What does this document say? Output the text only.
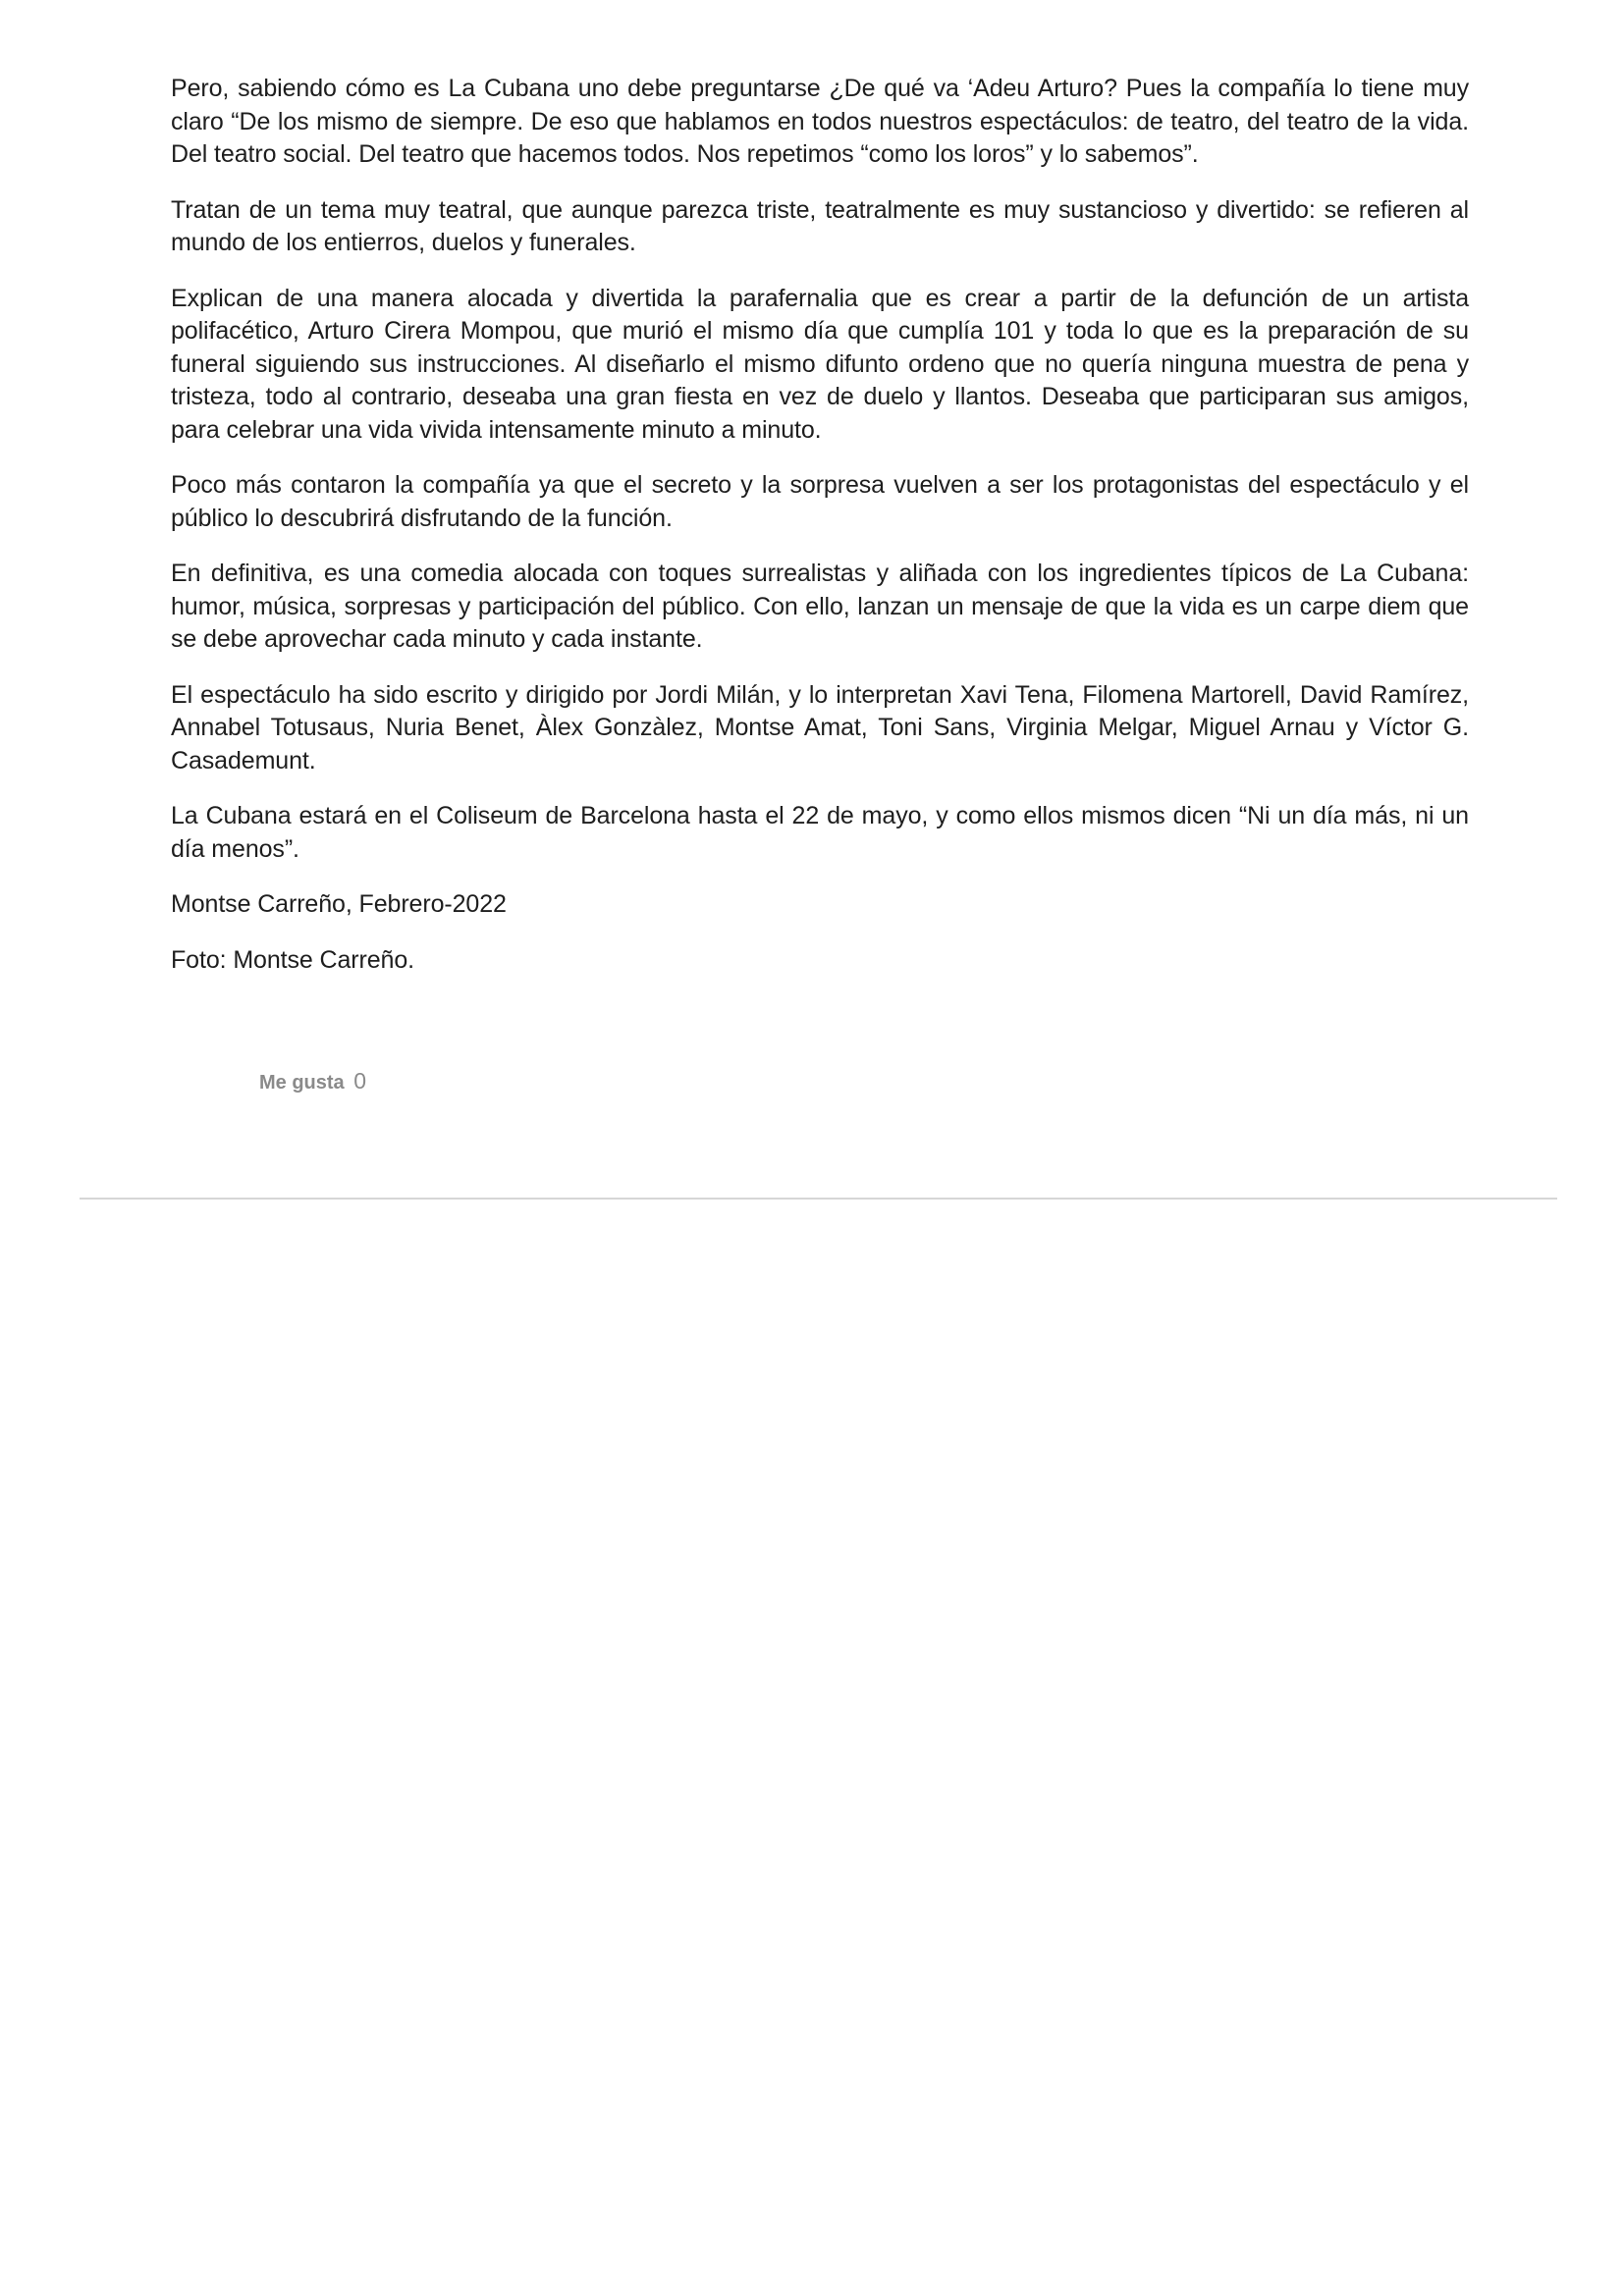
Pero, sabiendo cómo es La Cubana uno debe preguntarse ¿De qué va ‘Adeu Arturo? Pues la compañía lo tiene muy claro “De los mismo de siempre. De eso que hablamos en todos nuestros espectáculos: de teatro, del teatro de la vida. Del teatro social. Del teatro que hacemos todos. Nos repetimos “como los loros” y lo sabemos”.

Tratan de un tema muy teatral, que aunque parezca triste, teatralmente es muy sustancioso y divertido: se refieren al mundo de los entierros, duelos y funerales.

Explican de una manera alocada y divertida la parafernalia que es crear a partir de la defunción de un artista polifacético, Arturo Cirera Mompou, que murió el mismo día que cumplía 101 y toda lo que es la preparación de su funeral siguiendo sus instrucciones. Al diseñarlo el mismo difunto ordeno que no quería ninguna muestra de pena y tristeza, todo al contrario, deseaba una gran fiesta en vez de duelo y llantos. Deseaba que participaran sus amigos, para celebrar una vida vivida intensamente minuto a minuto.

Poco más contaron la compañía ya que el secreto y la sorpresa vuelven a ser los protagonistas del espectáculo y el público lo descubrirá disfrutando de la función.

En definitiva, es una comedia alocada con toques surrealistas y aliñada con los ingredientes típicos de La Cubana: humor, música, sorpresas y participación del público. Con ello, lanzan un mensaje de que la vida es un carpe diem que se debe aprovechar cada minuto y cada instante.

El espectáculo ha sido escrito y dirigido por Jordi Milán, y lo interpretan Xavi Tena, Filomena Martorell, David Ramírez, Annabel Totusaus, Nuria Benet, Àlex Gonzàlez, Montse Amat, Toni Sans, Virginia Melgar, Miguel Arnau y Víctor G. Casademunt.

La Cubana estará en el Coliseum de Barcelona hasta el 22 de mayo, y como ellos mismos dicen “Ni un día más, ni un día menos”.

Montse Carreño, Febrero-2022

Foto: Montse Carreño.

Me gusta 0
